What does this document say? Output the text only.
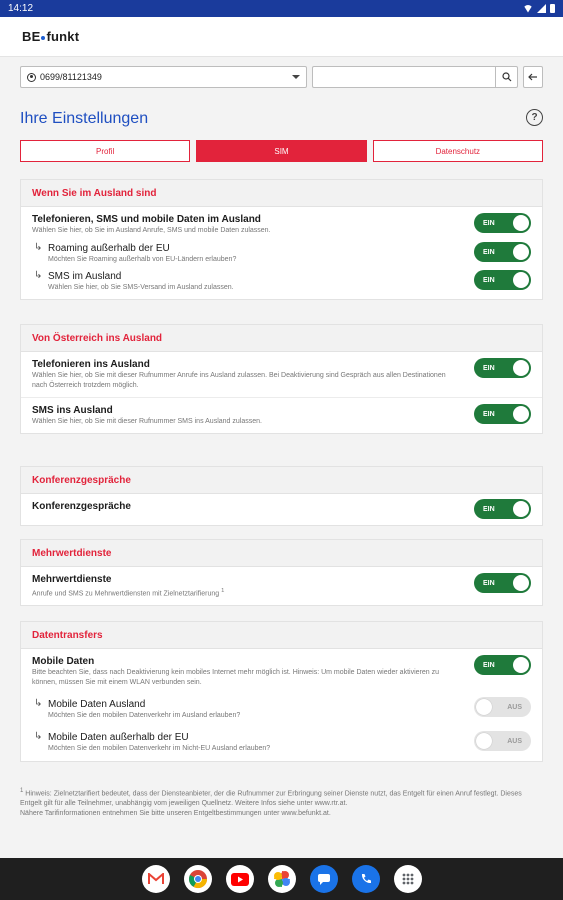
14:12
BE funkt
0699/81121349
Ihre Einstellungen	?
Profil	SIM	Datenschutz
Wenn Sie im Ausland sind
Telefonieren, SMS und mobile Daten im Ausland
Wählen Sie hier, ob Sie im Ausland Anrufe, SMS und mobile Daten zulassen.
EIN
↳ Roaming außerhalb der EU
Möchten Sie Roaming außerhalb von EU-Ländern erlauben?
EIN
↳ SMS im Ausland
Wählen Sie hier, ob Sie SMS-Versand im Ausland zulassen.
EIN
Von Österreich ins Ausland
Telefonieren ins Ausland
Wählen Sie hier, ob Sie mit dieser Rufnummer Anrufe ins Ausland zulassen. Bei Deaktivierung sind Gespräch aus allen Destinationen nach Österreich trotzdem möglich.
EIN
SMS ins Ausland
Wählen Sie hier, ob Sie mit dieser Rufnummer SMS ins Ausland zulassen.
EIN
Konferenzgespräche
Konferenzgespräche	EIN
Mehrwertdienste
Mehrwertdienste
Anrufe und SMS zu Mehrwertdiensten mit Zielnetztarifierung $^1$
EIN
Datentransfers
Mobile Daten
Bitte beachten Sie, dass nach Deaktivierung kein mobiles Internet mehr möglich ist. Hinweis: Um mobile Daten wieder aktivieren zu können, müssen Sie mit einem WLAN verbunden sein.
EIN
↳ Mobile Daten Ausland
Möchten Sie den mobilen Datenverkehr im Ausland erlauben?
AUS
↳ Mobile Daten außerhalb der EU
Möchten Sie den mobilen Datenverkehr im Nicht-EU Ausland erlauben?
AUS
$^1$ Hinweis: Zielnetztarifiert bedeutet, dass der Diensteanbieter, der die Rufnummer zur Erbringung seiner Dienste nutzt, das Entgelt für einen Anruf festlegt. Dieses Entgelt gilt für alle Teilnehmer, unabhängig vom jeweiligen Quellnetz. Weitere Infos siehe unter www.rtr.at.
Nähere Tarifinformationen entnehmen Sie bitte unseren Entgeltbestimmungen unter www.befunkt.at.
